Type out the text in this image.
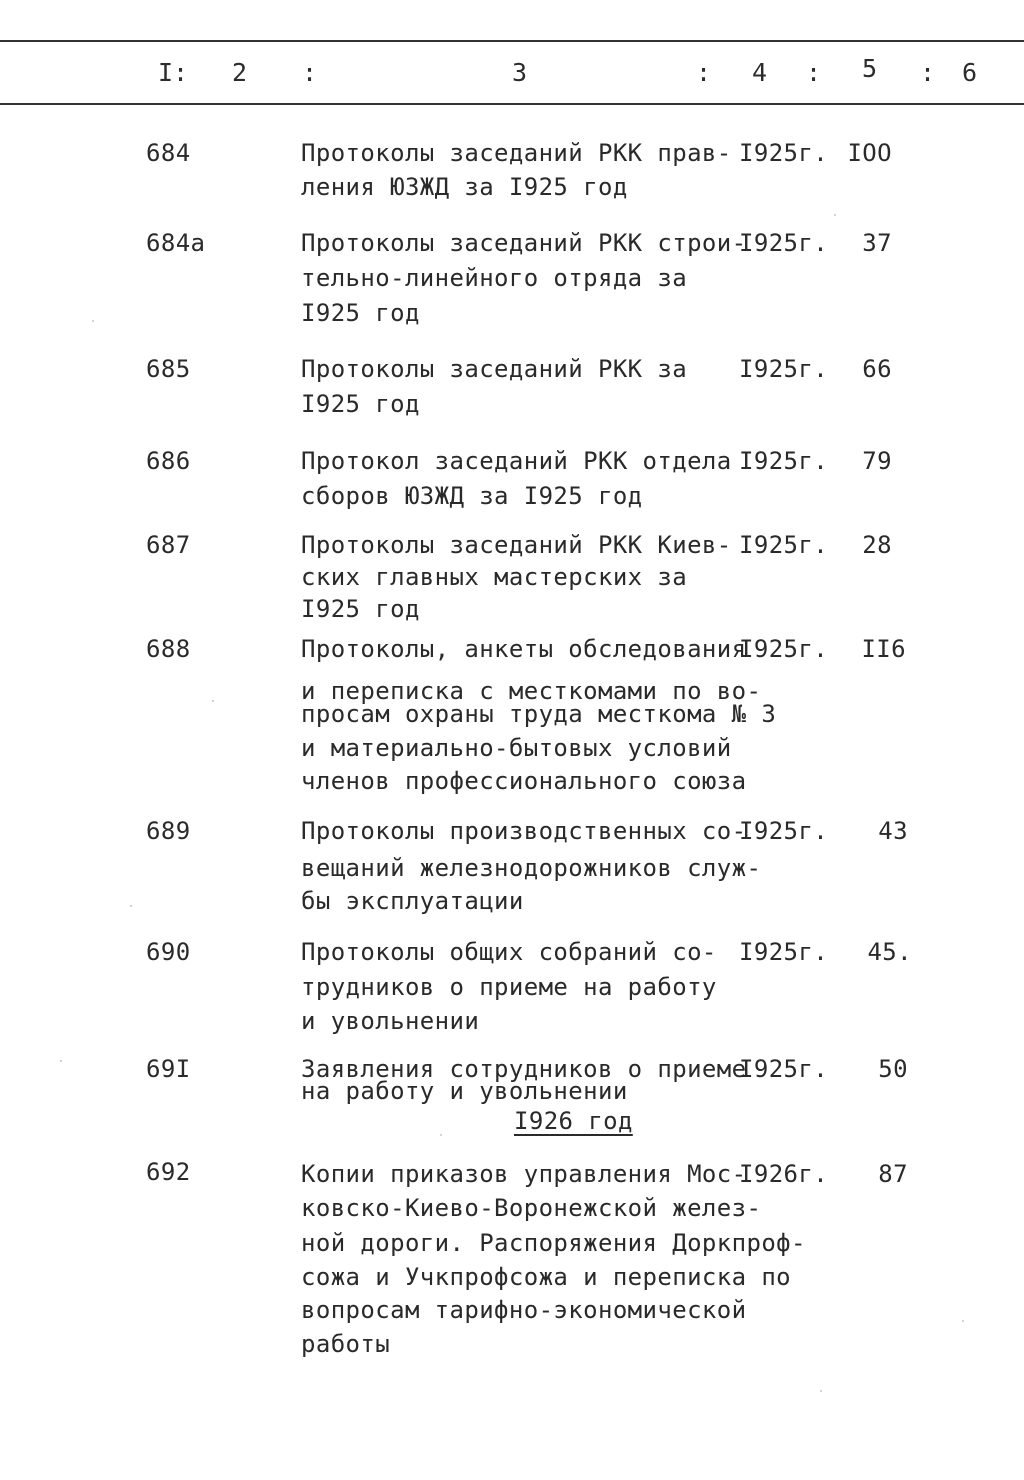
I: 2 :	3	: 4 : 5 : 6
684	Протоколы заседаний РКК прав-
ления ЮЗЖД за I925 год
I925г. IOO
684а	Протоколы заседаний РКК строи-
тельно-линейного отряда за
I925 год
I925г.	37
685	Протоколы заседаний РКК за
I925 год
I925г.	66
686	Протокол заседаний РКК отдела
сборов ЮЗЖД за I925 год
I925г.	79
687	Протоколы заседаний РКК Киев-
ских главных мастерских за
I925 год
I925г.	28
688	Протоколы, анкеты обследования
и переписка с месткомами по во-
просам охраны труда месткома № 3
и материально-бытовых условий
членов профессионального союза
I925г. II6
689	Протоколы производственных со-
вещаний железнодорожников служ-
бы эксплуатации
I925г.	43
690	Протоколы общих собраний со-
трудников о приеме на работу
и увольнении
I925г. 45.
69I	Заявления сотрудников о приеме
на работу и увольнении
I925г.	50
I926 год
692	Копии приказов управления Мос-
ковско-Киево-Воронежской желез-
ной дороги. Распоряжения Доркпроф-
сожа и Учкпрофсожа и переписка по
вопросам тарифно-экономической
работы
I926г.	87
